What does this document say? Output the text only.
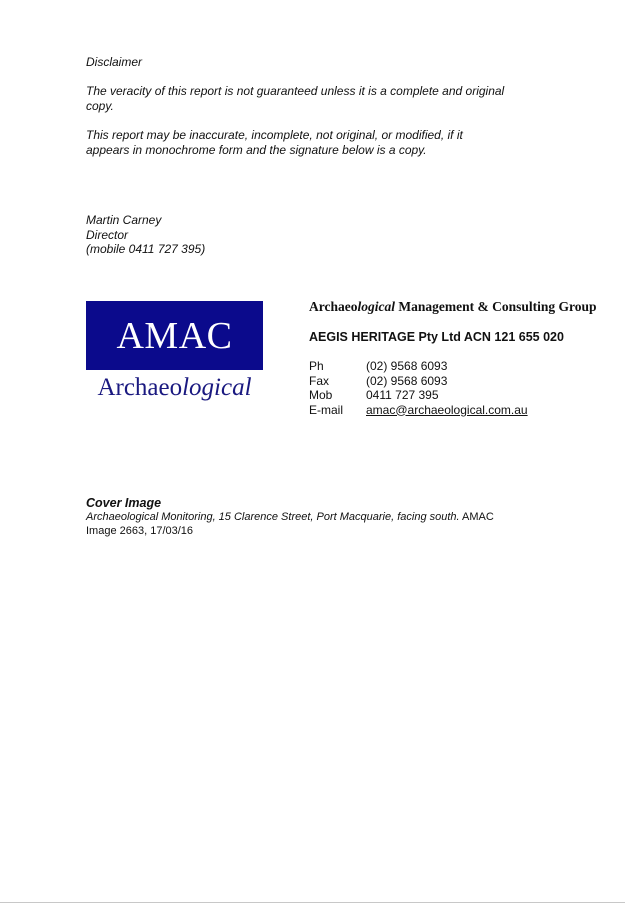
Disclaimer
The veracity of this report is not guaranteed unless it is a complete and original copy.
This report may be inaccurate, incomplete, not original, or modified, if it appears in monochrome form and the signature below is a copy.
Martin Carney
Director
(mobile 0411 727 395)
AMAC
Archaeological
Archaeological Management & Consulting Group
AEGIS HERITAGE Pty Ltd ACN 121 655 020
Ph	(02) 9568 6093
Fax	(02) 9568 6093
Mob	0411 727 395
E-mail	amac@archaeological.com.au
Cover Image
Archaeological Monitoring, 15 Clarence Street, Port Macquarie, facing south. AMAC Image 2663, 17/03/16
